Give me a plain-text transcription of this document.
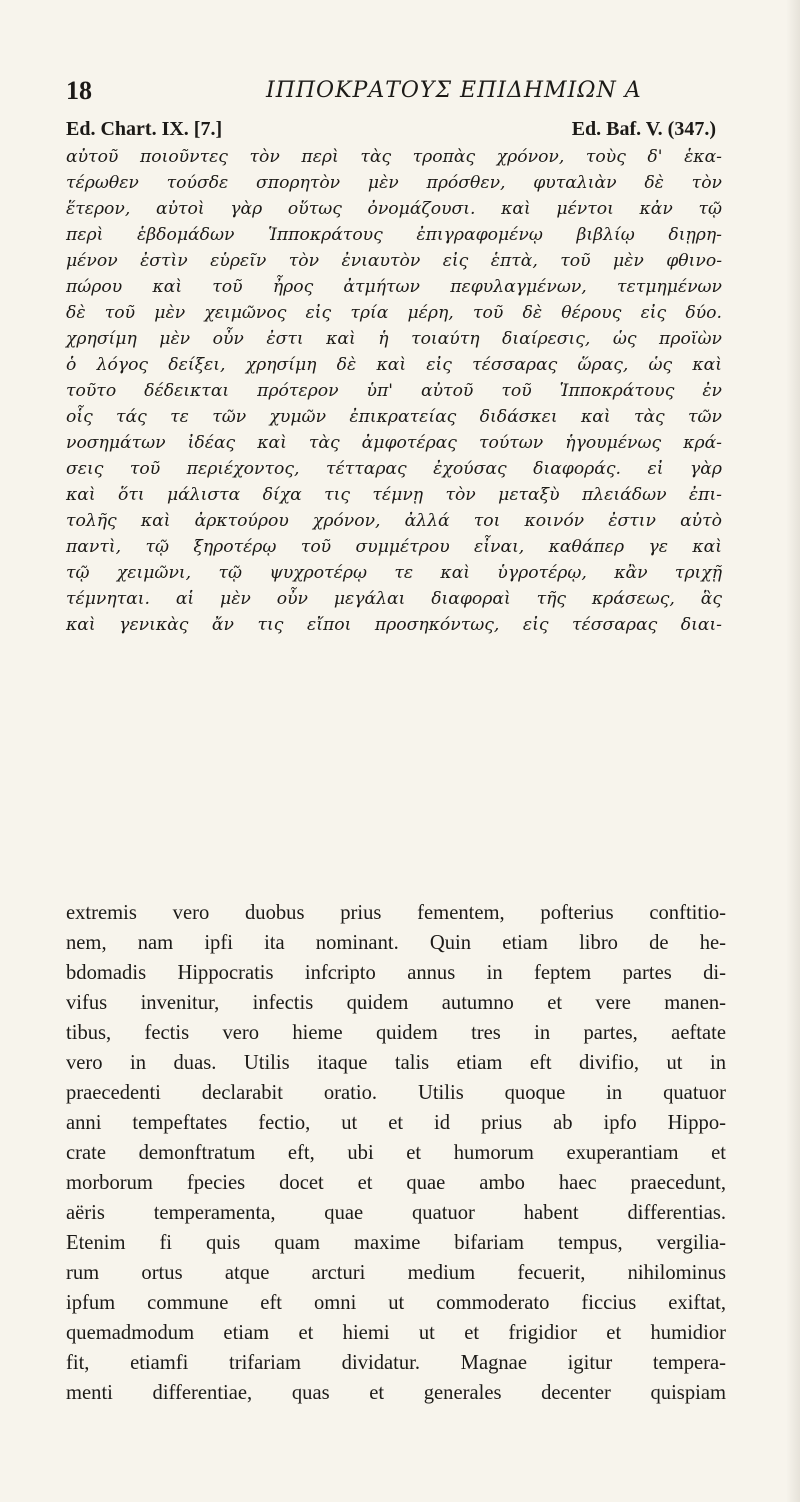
18	ΙΠΠΟΚΡΑΤΟΥΣ ΕΠΙΔΗΜΙΩΝ Α
Ed. Chart. IX. [7.]	Ed. Baf. V. (347.)
αὐτοῦ ποιοῦντες τὸν περὶ τὰς τροπὰς χρόνον, τοὺς δ' ἑκα-
τέρωθεν τούσδε σπορητὸν μὲν πρόσθεν, φυταλιὰν δὲ τὸν
ἕτερον, αὐτοὶ γὰρ οὕτως ὀνομάζουσι. καὶ μέντοι κἀν τῷ
περὶ ἑβδομάδων Ἱπποκράτους ἐπιγραφομένῳ βιβλίῳ διῃρη-
μένον ἐστὶν εὑρεῖν τὸν ἐνιαυτὸν εἰς ἑπτὰ, τοῦ μὲν φθινο-
πώρου καὶ τοῦ ἦρος ἀτμήτων πεφυλαγμένων, τετμημένων
δὲ τοῦ μὲν χειμῶνος εἰς τρία μέρη, τοῦ δὲ θέρους εἰς δύο.
χρησίμη μὲν οὖν ἐστι καὶ ἡ τοιαύτη διαίρεσις, ὡς προϊὼν
ὁ λόγος δείξει, χρησίμη δὲ καὶ εἰς τέσσαρας ὥρας, ὡς καὶ
τοῦτο δέδεικται πρότερον ὑπ' αὐτοῦ τοῦ Ἱπποκράτους ἐν
οἷς τάς τε τῶν χυμῶν ἐπικρατείας διδάσκει καὶ τὰς τῶν
νοσημάτων ἰδέας καὶ τὰς ἀμφοτέρας τούτων ἡγουμένως κρά-
σεις τοῦ περιέχοντος, τέτταρας ἐχούσας διαφοράς. εἰ γὰρ
καὶ ὅτι μάλιστα δίχα τις τέμνῃ τὸν μεταξὺ πλειάδων ἐπι-
τολῆς καὶ ἀρκτούρου χρόνον, ἀλλά τοι κοινόν ἐστιν αὐτὸ
παντὶ, τῷ ξηροτέρῳ τοῦ συμμέτρου εἶναι, καθάπερ γε καὶ
τῷ χειμῶνι, τῷ ψυχροτέρῳ τε καὶ ὑγροτέρῳ, κἂν τριχῇ
τέμνηται. αἱ μὲν οὖν μεγάλαι διαφοραὶ τῆς κράσεως, ἃς
καὶ γενικὰς ἄν τις εἴποι προσηκόντως, εἰς τέσσαρας διαι-
extremis vero duobus prius fementem, pofterius conftitio-
nem, nam ipfi ita nominant. Quin etiam libro de he-
bdomadis Hippocratis infcripto annus in feptem partes di-
vifus invenitur, infectis quidem autumno et vere manen-
tibus, fectis vero hieme quidem tres in partes, aeftate
vero in duas. Utilis itaque talis etiam eft divifio, ut in
praecedenti declarabit oratio. Utilis quoque in quatuor
anni tempeftates fectio, ut et id prius ab ipfo Hippo-
crate demonftratum eft, ubi et humorum exuperantiam et
morborum fpecies docet et quae ambo haec praecedunt,
aëris temperamenta, quae quatuor habent differentias.
Etenim fi quis quam maxime bifariam tempus, vergilia-
rum ortus atque arcturi medium fecuerit, nihilominus
ipfum commune eft omni ut commoderato ficcius exiftat,
quemadmodum etiam et hiemi ut et frigidior et humidior
fit, etiamfi trifariam dividatur. Magnae igitur tempera-
menti differentiae, quas et generales decenter quispiam
